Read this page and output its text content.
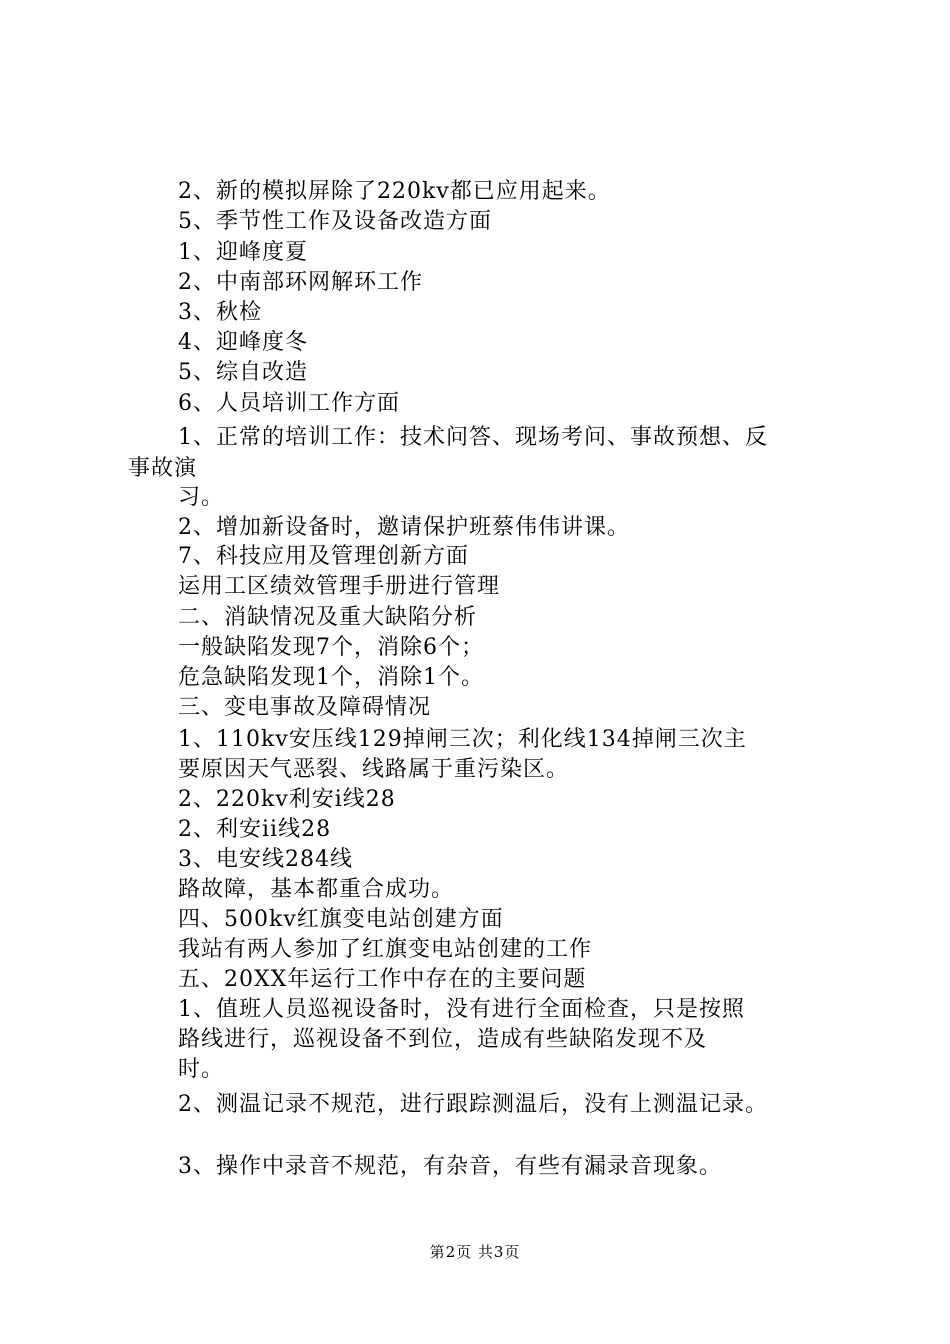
2、新的模拟屏除了220kv都已应用起来。
5、季节性工作及设备改造方面
1、迎峰度夏
2、中南部环网解环工作
3、秋检
4、迎峰度冬
5、综自改造
6、人员培训工作方面
1、正常的培训工作：技术问答、现场考问、事故预想、反
事故演
习。
2、增加新设备时，邀请保护班蔡伟伟讲课。
7、科技应用及管理创新方面
运用工区绩效管理手册进行管理
二、消缺情况及重大缺陷分析
一般缺陷发现7个，消除6个；
危急缺陷发现1个，消除1个。
三、变电事故及障碍情况
1、110kv安压线129掉闸三次；利化线134掉闸三次主
要原因天气恶裂、线路属于重污染区。
2、220kv利安i线28
2、利安ii线28
3、电安线284线
路故障，基本都重合成功。
四、500kv红旗变电站创建方面
我站有两人参加了红旗变电站创建的工作
五、20XX年运行工作中存在的主要问题
1、值班人员巡视设备时，没有进行全面检查，只是按照
路线进行，巡视设备不到位，造成有些缺陷发现不及
时。
2、测温记录不规范，进行跟踪测温后，没有上测温记录。
3、操作中录音不规范，有杂音，有些有漏录音现象。
第2页 共3页
